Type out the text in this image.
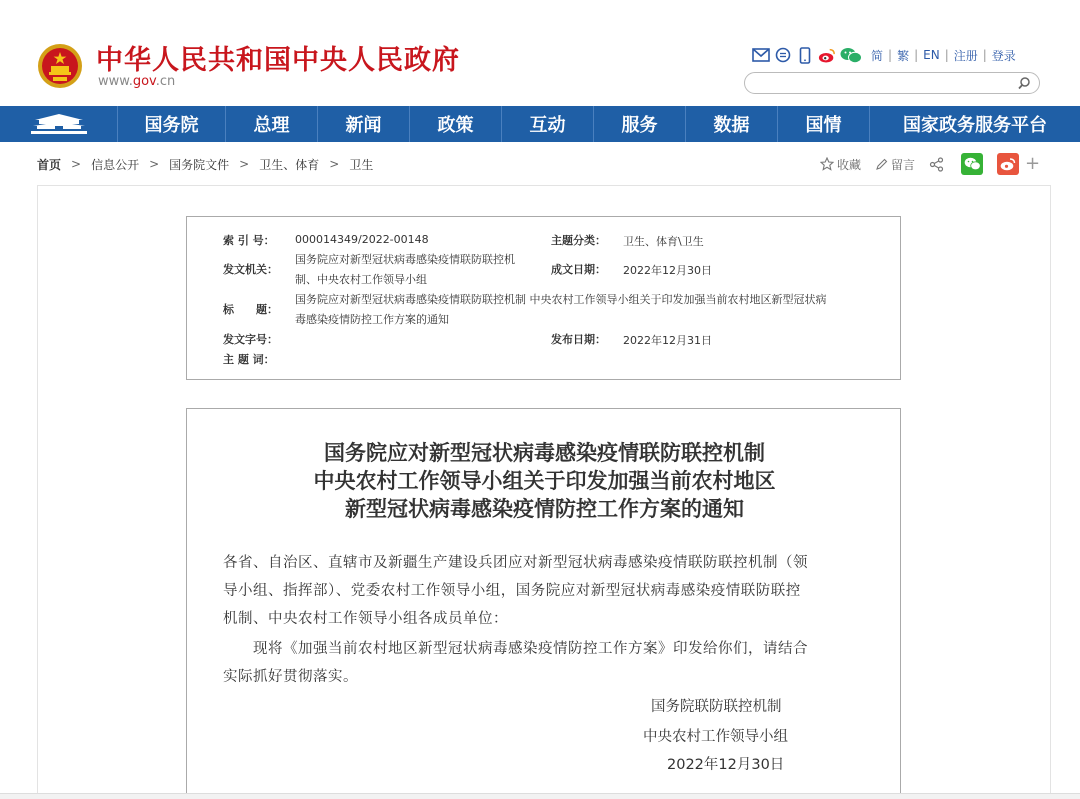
中华人民共和国中央人民政府
www.gov.cn
简 | 繁 | EN | 注册 | 登录
国务院	总理	新闻	政策	互动	服务	数据	国情	国家政务服务平台
首页 > 信息公开 > 国务院文件 > 卫生、体育 > 卫生	收藏	留言	+
索 引 号： 000014349/2022-00148	主题分类： 卫生、体育\卫生
发文机关：
国务院应对新型冠状病毒感染疫情联防联控机
制、中央农村工作领导小组
成文日期： 2022年12月30日
标　　题：
国务院应对新型冠状病毒感染疫情联防联控机制 中央农村工作领导小组关于印发加强当前农村地区新型冠状病
毒感染疫情防控工作方案的通知
发文字号：	发布日期： 2022年12月31日
主 题 词：
国务院应对新型冠状病毒感染疫情联防联控机制
中央农村工作领导小组关于印发加强当前农村地区
新型冠状病毒感染疫情防控工作方案的通知
各省、自治区、直辖市及新疆生产建设兵团应对新型冠状病毒感染疫情联防联控机制（领
导小组、指挥部）、党委农村工作领导小组，国务院应对新型冠状病毒感染疫情联防联控
机制、中央农村工作领导小组各成员单位：
现将《加强当前农村地区新型冠状病毒感染疫情防控工作方案》印发给你们，请结合
实际抓好贯彻落实。
国务院联防联控机制
中央农村工作领导小组
2022年12月30日
